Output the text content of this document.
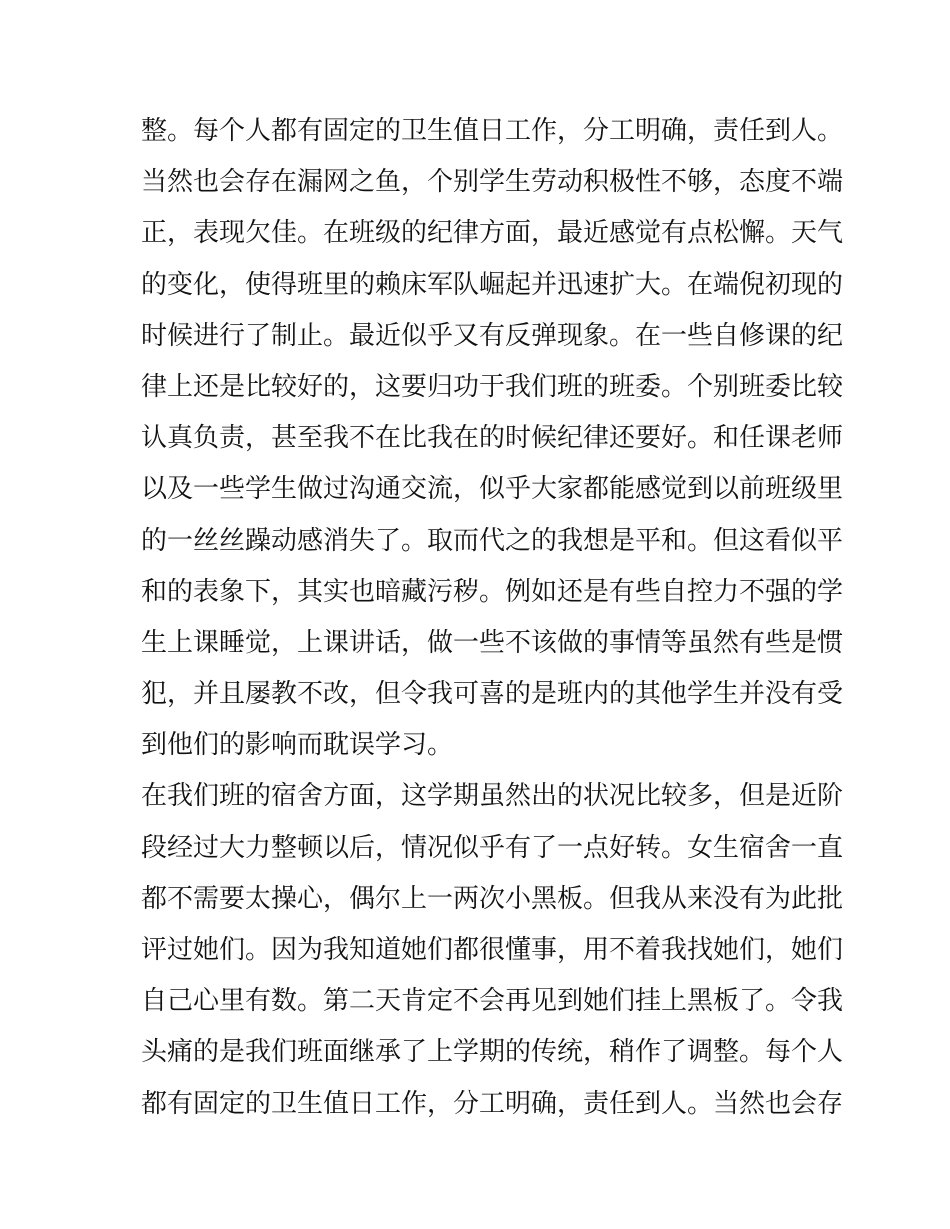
整。每个人都有固定的卫生值日工作，分工明确，责任到人。
当然也会存在漏网之鱼，个别学生劳动积极性不够，态度不端
正，表现欠佳。在班级的纪律方面，最近感觉有点松懈。天气
的变化，使得班里的赖床军队崛起并迅速扩大。在端倪初现的
时候进行了制止。最近似乎又有反弹现象。在一些自修课的纪
律上还是比较好的，这要归功于我们班的班委。个别班委比较
认真负责，甚至我不在比我在的时候纪律还要好。和任课老师
以及一些学生做过沟通交流，似乎大家都能感觉到以前班级里
的一丝丝躁动感消失了。取而代之的我想是平和。但这看似平
和的表象下，其实也暗藏污秽。例如还是有些自控力不强的学
生上课睡觉，上课讲话，做一些不该做的事情等虽然有些是惯
犯，并且屡教不改，但令我可喜的是班内的其他学生并没有受
到他们的影响而耽误学习。
在我们班的宿舍方面，这学期虽然出的状况比较多，但是近阶
段经过大力整顿以后，情况似乎有了一点好转。女生宿舍一直
都不需要太操心，偶尔上一两次小黑板。但我从来没有为此批
评过她们。因为我知道她们都很懂事，用不着我找她们，她们
自己心里有数。第二天肯定不会再见到她们挂上黑板了。令我
头痛的是我们班面继承了上学期的传统，稍作了调整。每个人
都有固定的卫生值日工作，分工明确，责任到人。当然也会存
